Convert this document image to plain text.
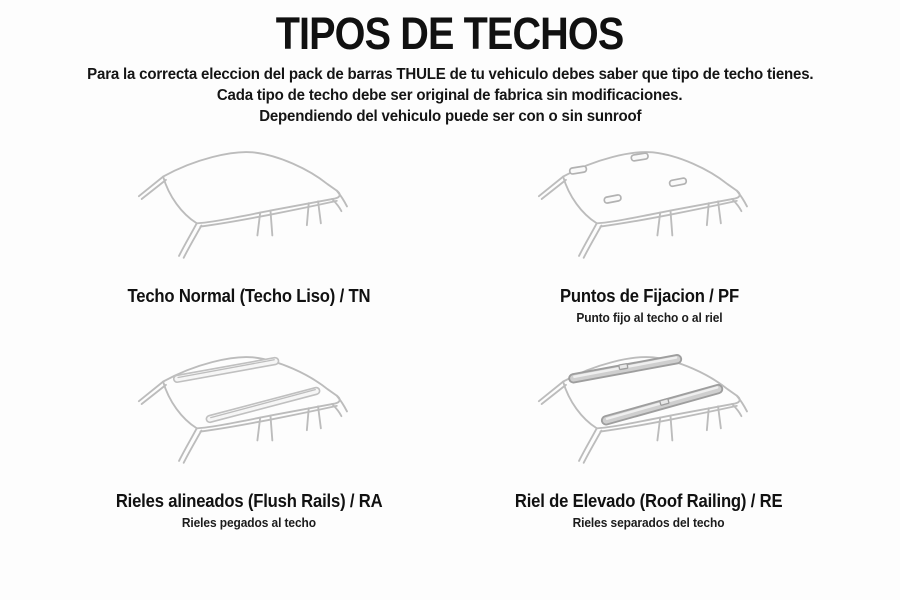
TIPOS DE TECHOS
Para la correcta eleccion del pack de barras THULE de tu vehiculo debes saber que tipo de techo tienes.
Cada tipo de techo debe ser original de fabrica sin modificaciones.
Dependiendo del vehiculo puede ser con o sin sunroof
Techo Normal (Techo Liso) / TN	Puntos de Fijacion / PF
Punto fijo al techo o al riel
Rieles alineados (Flush Rails) / RA
Rieles pegados al techo
Riel de Elevado (Roof Railing) / RE
Rieles separados del techo
